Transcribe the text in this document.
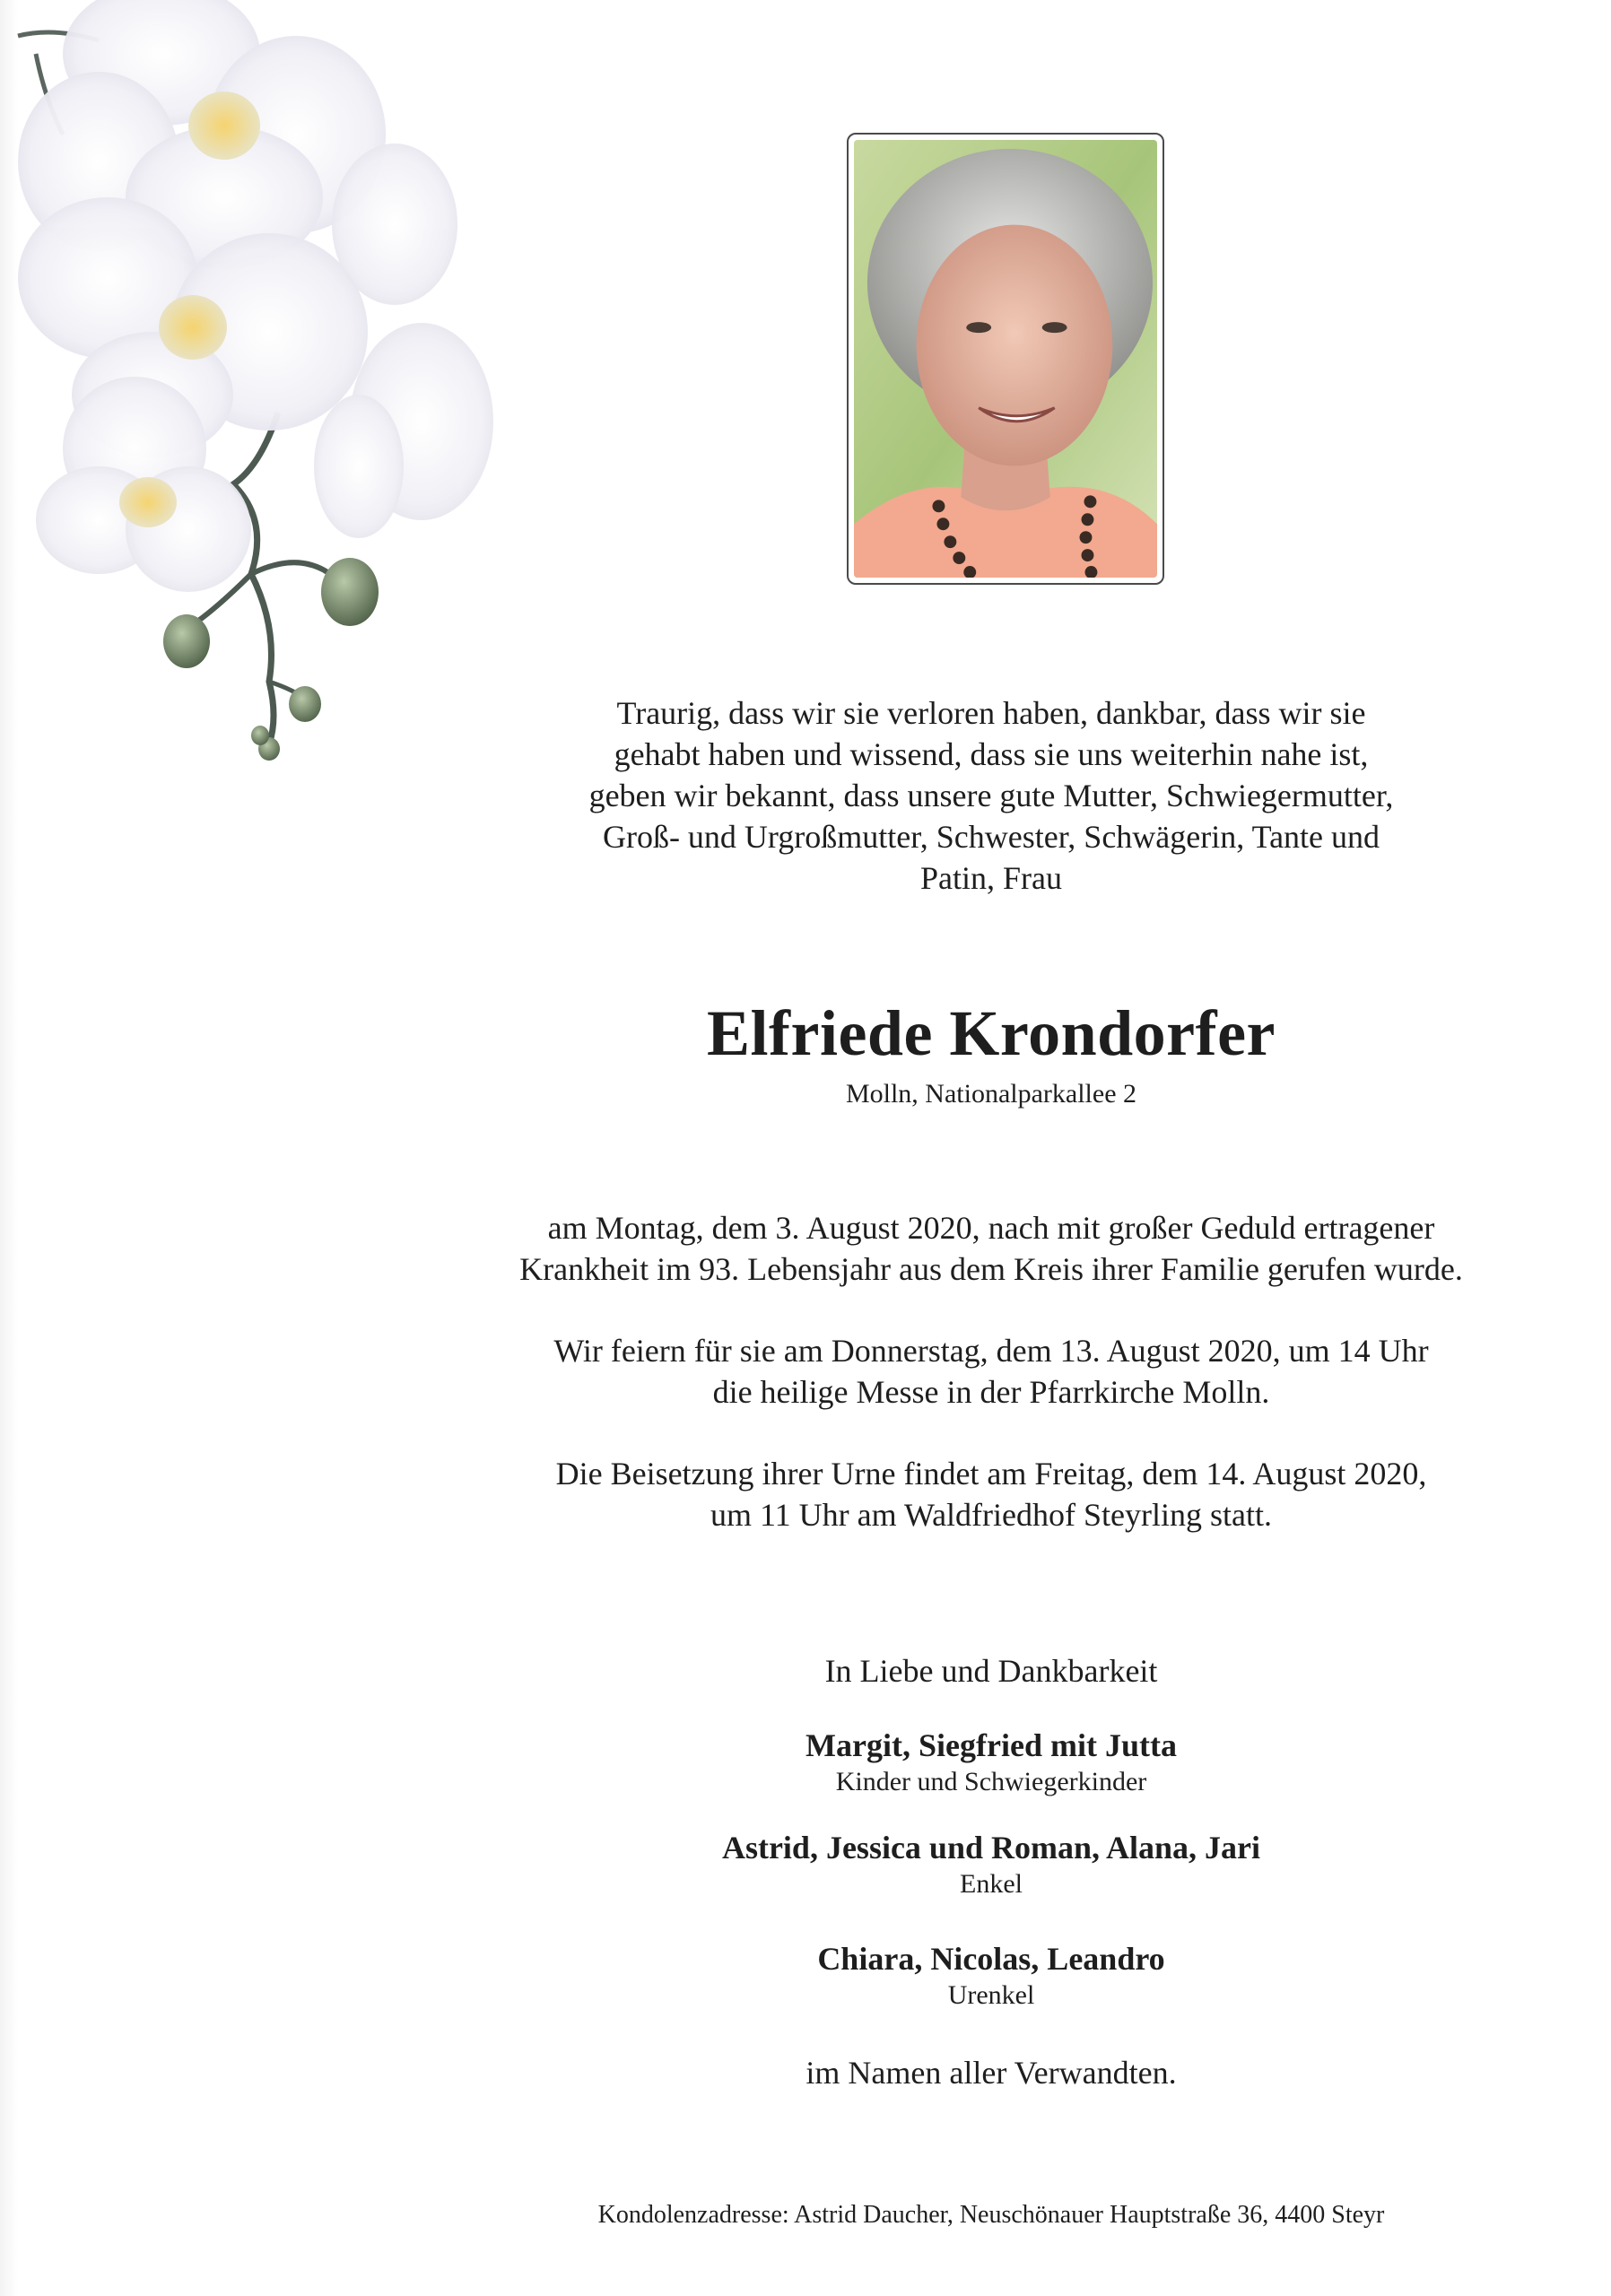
Traurig, dass wir sie verloren haben, dankbar, dass wir sie
gehabt haben und wissend, dass sie uns weiterhin nahe ist,
geben wir bekannt, dass unsere gute Mutter, Schwiegermutter,
Groß- und Urgroßmutter, Schwester, Schwägerin, Tante und
Patin, Frau
Elfriede Krondorfer
Molln, Nationalparkallee 2
am Montag, dem 3. August 2020, nach mit großer Geduld ertragener
Krankheit im 93. Lebensjahr aus dem Kreis ihrer Familie gerufen wurde.
Wir feiern für sie am Donnerstag, dem 13. August 2020, um 14 Uhr
die heilige Messe in der Pfarrkirche Molln.
Die Beisetzung ihrer Urne findet am Freitag, dem 14. August 2020,
um 11 Uhr am Waldfriedhof Steyrling statt.
In Liebe und Dankbarkeit
Margit, Siegfried mit Jutta
Kinder und Schwiegerkinder
Astrid, Jessica und Roman, Alana, Jari
Enkel
Chiara, Nicolas, Leandro
Urenkel
im Namen aller Verwandten.
Kondolenzadresse: Astrid Daucher, Neuschönauer Hauptstraße 36, 4400 Steyr
